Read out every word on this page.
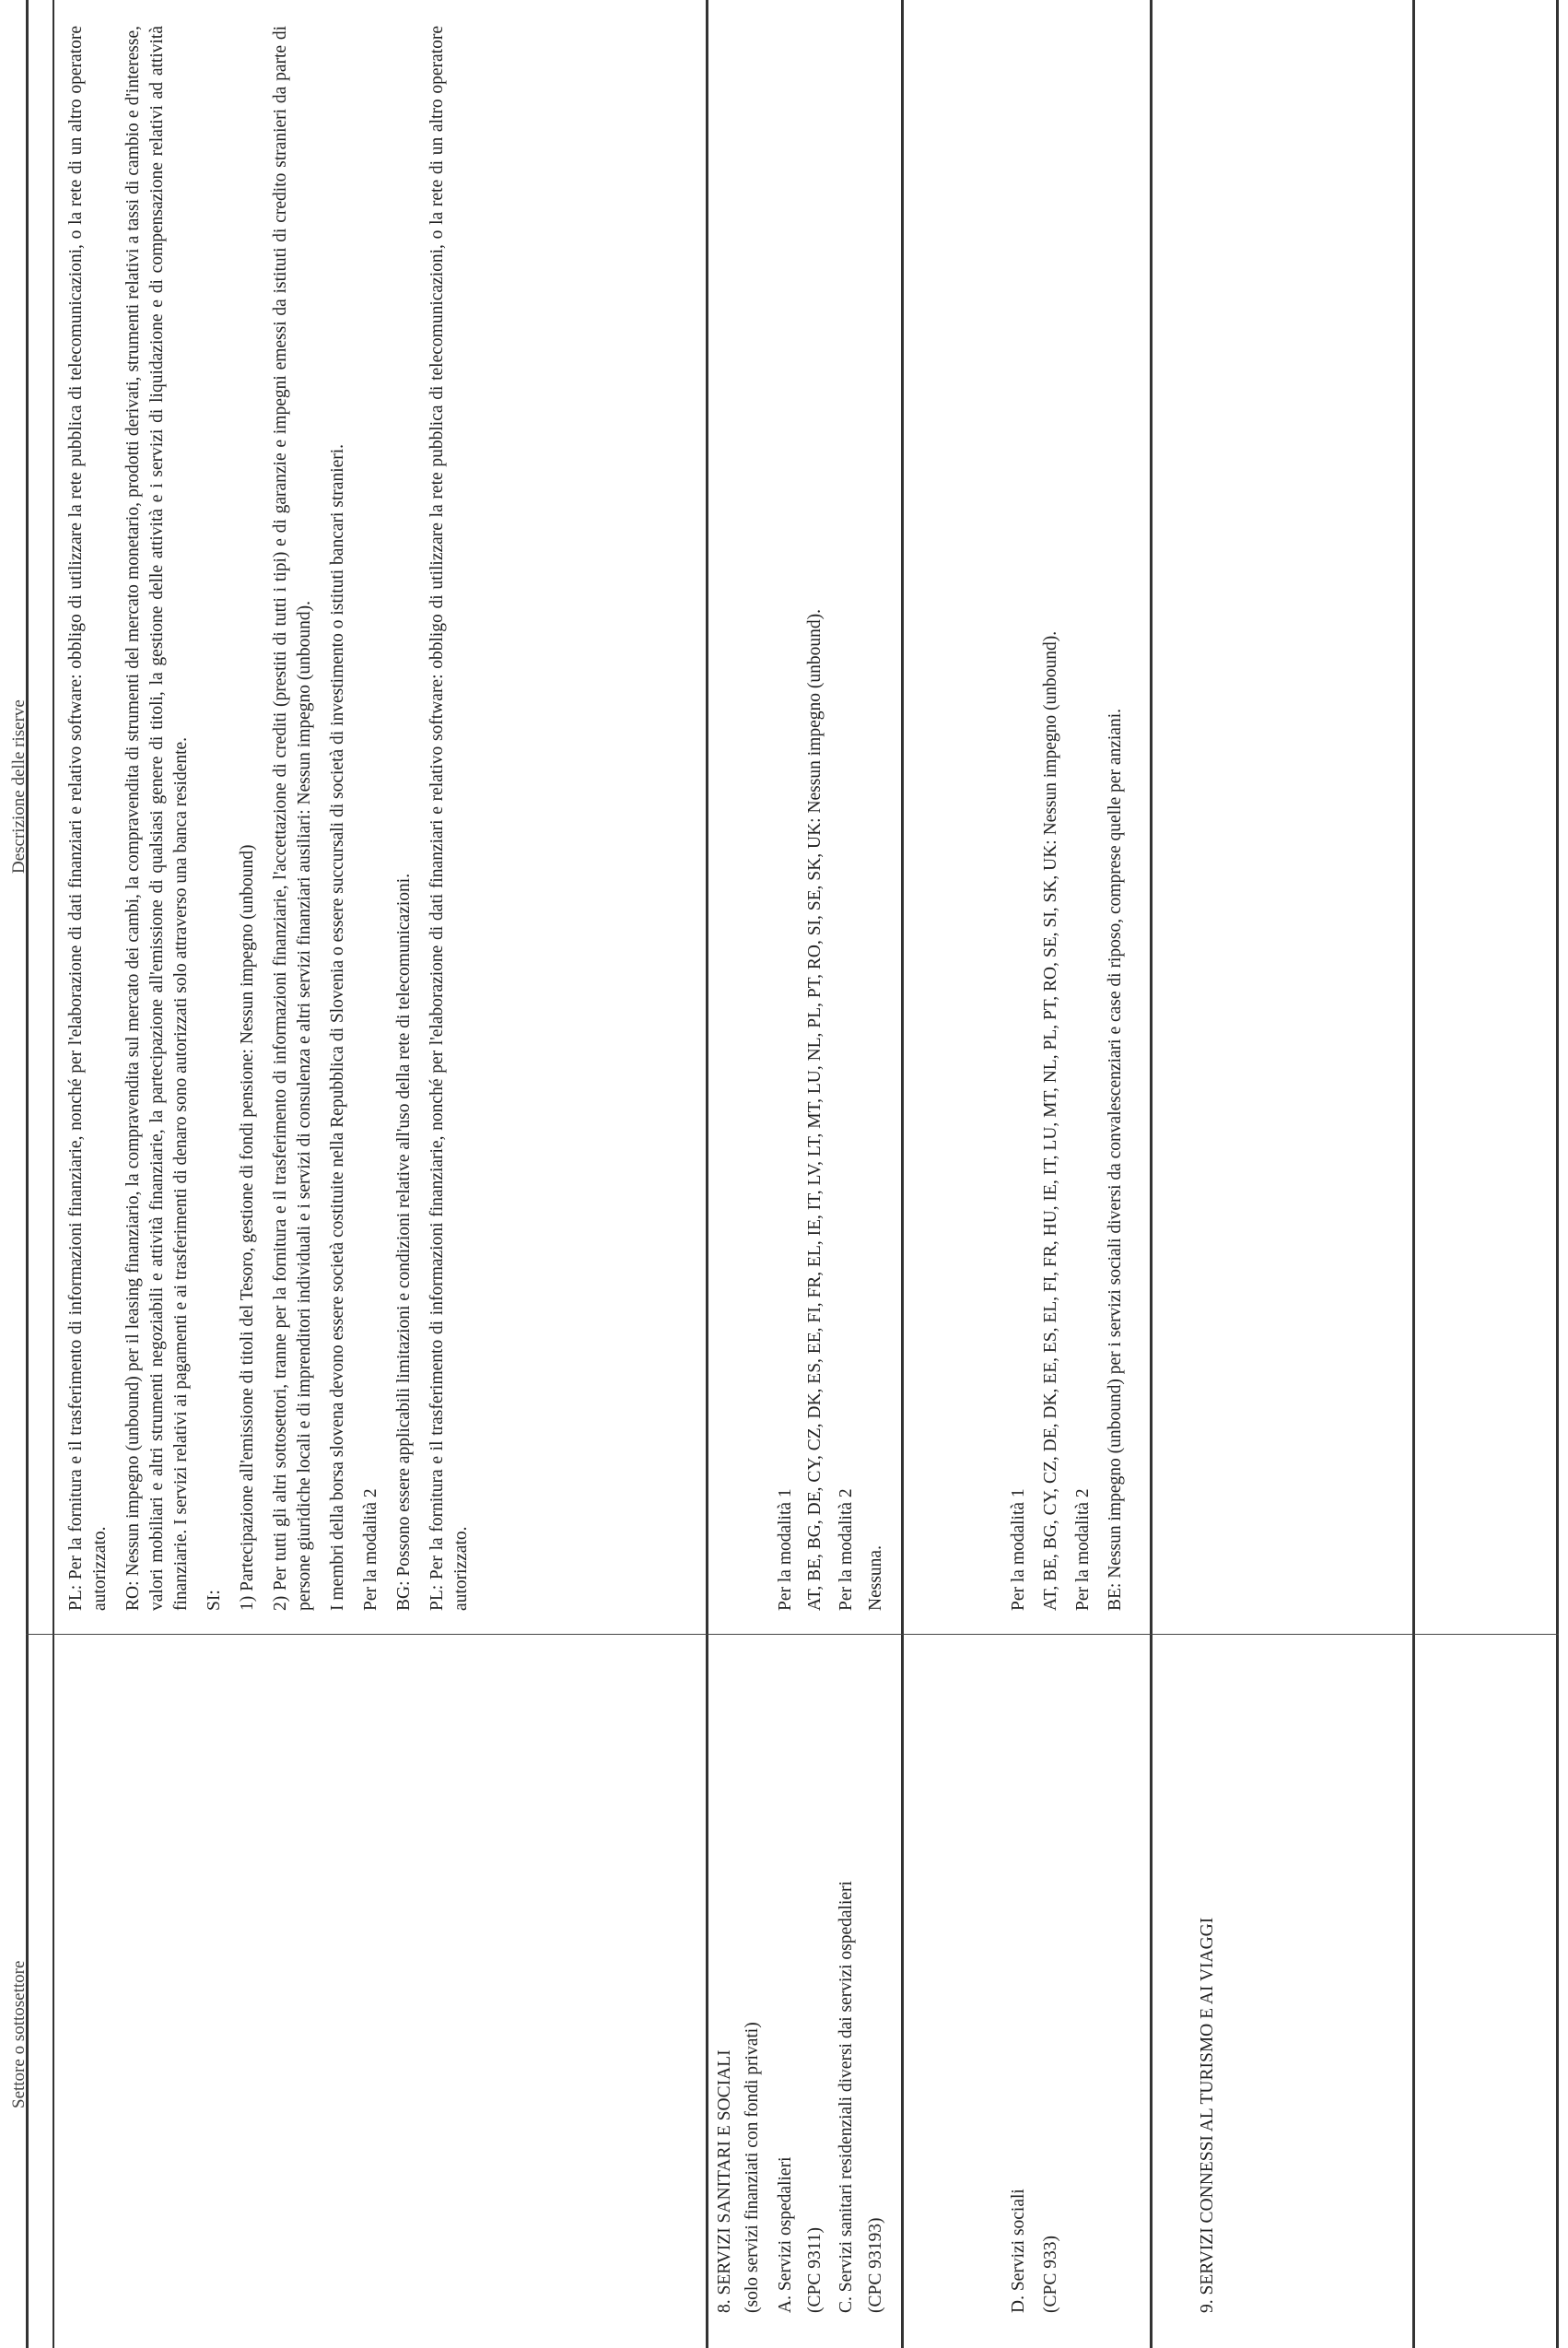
Settore o sottosettore
Descrizione delle riserve PL: Per la fornitura e il trasferimento di informazioni finanziarie, nonché per l'elaborazione di dati finanziari e relativo software: obbligo di utilizzare la rete pubblica di telecomunicazioni, o la rete di un altro operatore autorizzato. RO: Nessun impegno (unbound) per il leasing finanziario, la compravendita sul mercato dei cambi, la compravendita di strumenti del mercato monetario, prodotti derivati, strumenti relativi a tassi di cambio e d'interesse, valori mobiliari e altri strumenti negoziabili e attività finanziarie, la partecipazione all'emissione di qualsiasi genere di titoli, la gestione delle attività e i servizi di liquidazione e di compensazione relativi ad attività finanziarie. I servizi relativi ai pagamenti e ai trasferimenti di denaro sono autorizzati solo attraverso una banca residente. SI: 1) Partecipazione all'emissione di titoli del Tesoro, gestione di fondi pensione: Nessun impegno (unbound) 2) Per tutti gli altri sottosettori, tranne per la fornitura e il trasferimento di informazioni finanziarie, l'accettazione di crediti (prestiti di tutti i tipi) e di garanzie e impegni emessi da istituti di credito stranieri da parte di persone giuridiche locali e di imprenditori individuali e i servizi di consulenza e altri servizi finanziari ausiliari: Nessun impegno (unbound). I membri della borsa slovena devono essere società costituite nella Repubblica di Slovenia o essere succursali di società di investimento o istituti bancari stranieri. Per la modalità 2 BG: Possono essere applicabili limitazioni e condizioni relative all'uso della rete di telecomunicazioni. PL: Per la fornitura e il trasferimento di informazioni finanziarie, nonché per l'elaborazione di dati finanziari e relativo software: obbligo di utilizzare la rete pubblica di telecomunicazioni, o la rete di un altro operatore autorizzato.

8. SERVIZI SANITARI E SOCIALI (solo servizi finanziati con fondi privati) A. Servizi ospedalieri (CPC 9311) C. Servizi sanitari residenziali diversi dai servizi ospedalieri (CPC 93193)
Per la modalità 1 AT, BE, BG, DE, CY, CZ, DK, ES, EE, FI, FR, EL, IE, IT, LV, LT, MT, LU, NL, PL, PT, RO, SI, SE, SK, UK: Nessun impegno (unbound). Per la modalità 2 Nessuna.
D. Servizi sociali (CPC 933)
Per la modalità 1 AT, BE, BG, CY, CZ, DE, DK, EE, ES, EL, FI, FR, HU, IE, IT, LU, MT, NL, PL, PT, RO, SE, SI, SK, UK: Nessun impegno (unbound). Per la modalità 2 BE: Nessun impegno (unbound) per i servizi sociali diversi da convalescenziari e case di riposo, comprese quelle per anziani.
9. SERVIZI CONNESSI AL TURISMO E AI VIAGGI
